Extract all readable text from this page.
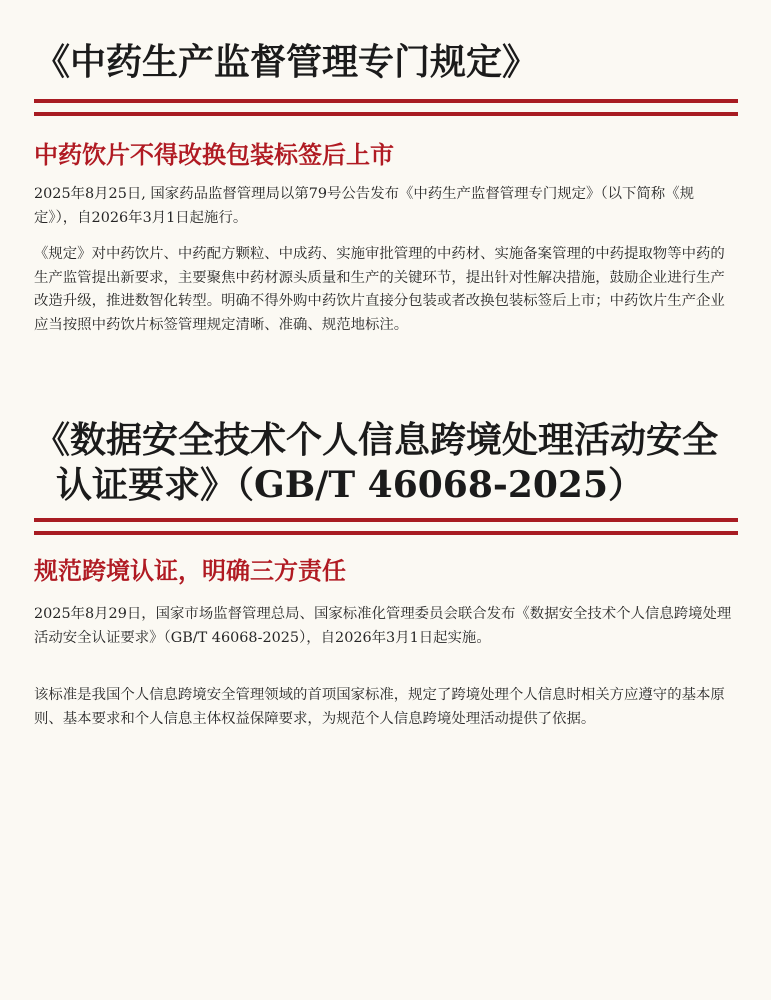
《中药生产监督管理专门规定》
中药饮片不得改换包装标签后上市

2025年8月25日, 国家药品监督管理局以第79号公告发布《中药生产监督管理专门规定》（以下简称《规定》），自2026年3月1日起施行。

《规定》对中药饮片、中药配方颗粒、中成药、实施审批管理的中药材、实施备案管理的中药提取物等中药的生产监管提出新要求，主要聚焦中药材源头质量和生产的关键环节，提出针对性解决措施，鼓励企业进行生产改造升级，推进数智化转型。明确不得外购中药饮片直接分包装或者改换包装标签后上市；中药饮片生产企业应当按照中药饮片标签管理规定清晰、准确、规范地标注。

《数据安全技术个人信息跨境处理活动安全
认证要求》（GB/T 46068-2025）
规范跨境认证，明确三方责任

2025年8月29日，国家市场监督管理总局、国家标准化管理委员会联合发布《数据安全技术个人信息跨境处理活动安全认证要求》（GB/T 46068-2025），自2026年3月1日起实施。

该标准是我国个人信息跨境安全管理领域的首项国家标准，规定了跨境处理个人信息时相关方应遵守的基本原则、基本要求和个人信息主体权益保障要求，为规范个人信息跨境处理活动提供了依据。
